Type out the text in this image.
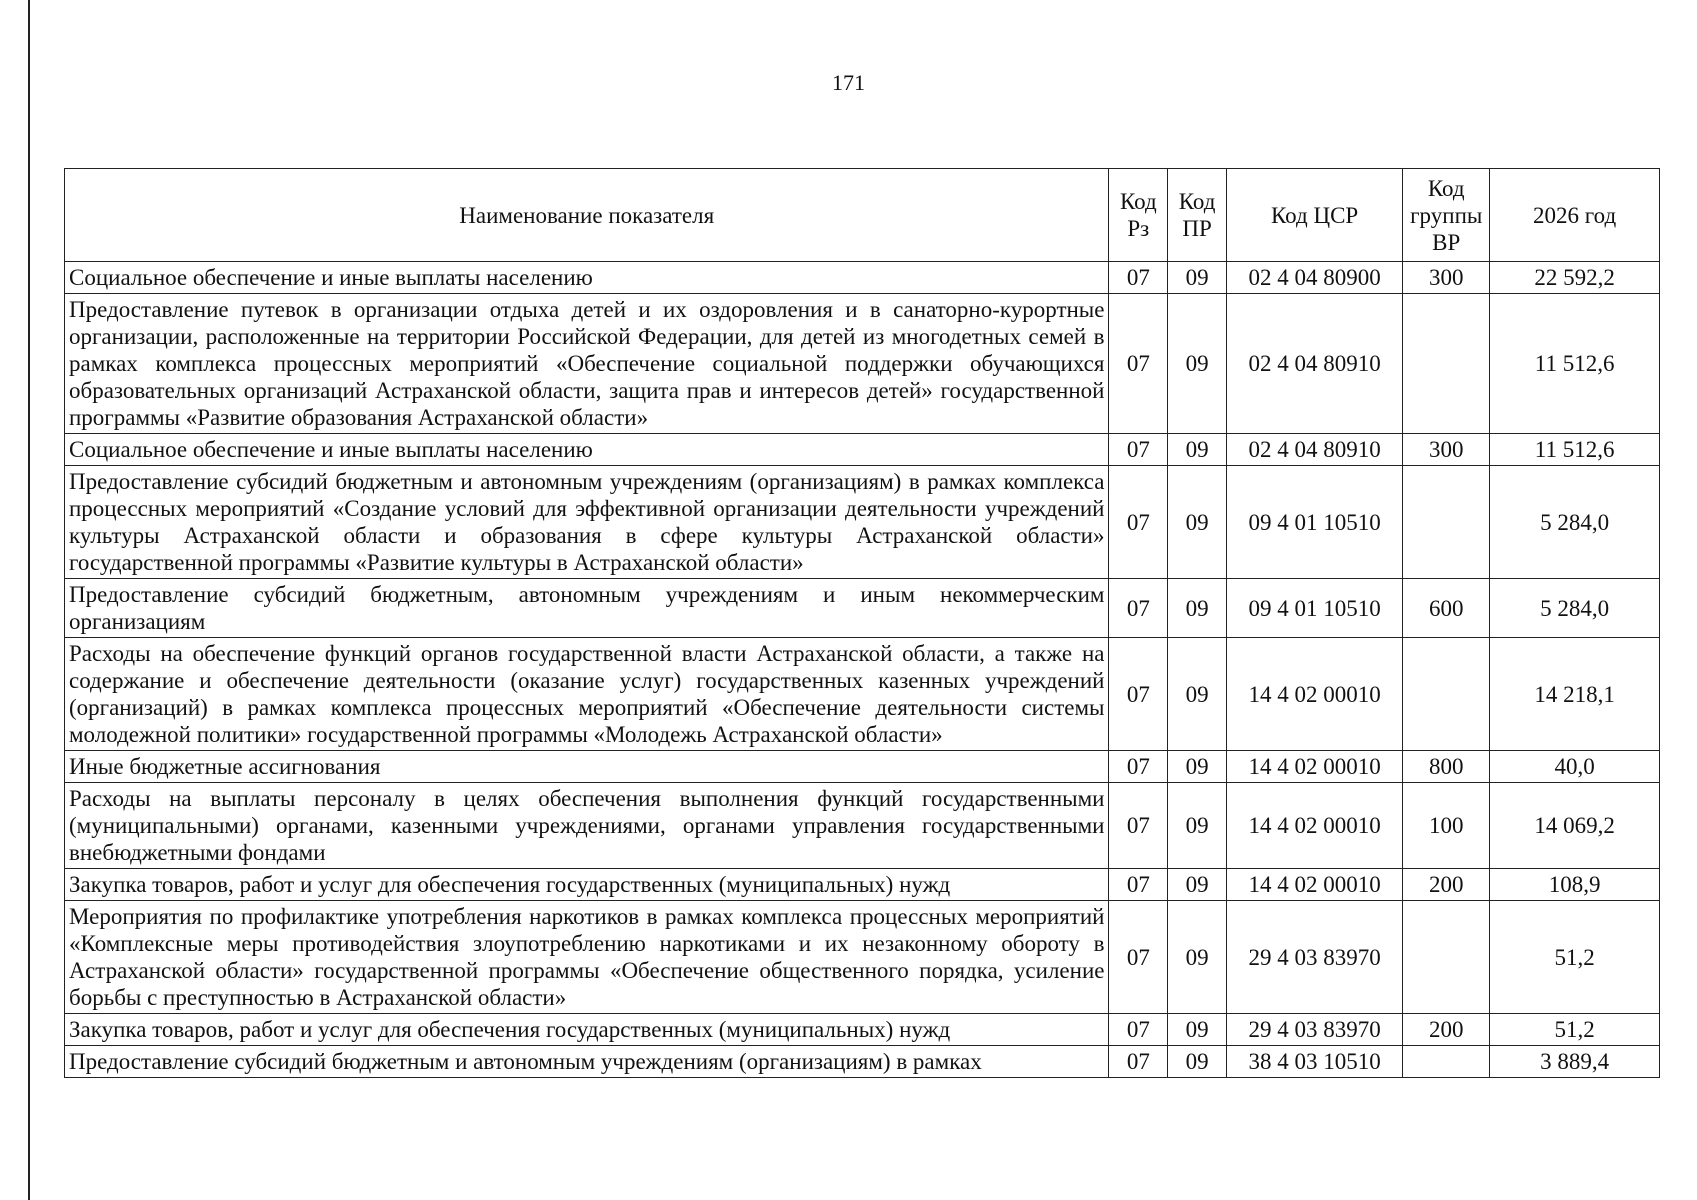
171
Наименование показателя	Код Рз	Код ПР	Код ЦСР	Код группы ВР	2026 год
Социальное обеспечение и иные выплаты населению	07	09	02 4 04 80900	300	22 592,2
Предоставление путевок в организации отдыха детей и их оздоровления и в санаторно-курортные организации, расположенные на территории Российской Федерации, для детей из многодетных семей в рамках комплекса процессных мероприятий «Обеспечение социальной поддержки обучающихся образовательных организаций Астраханской области, защита прав и интересов детей» государственной программы «Развитие образования Астраханской области»	07	09	02 4 04 80910		11 512,6
Социальное обеспечение и иные выплаты населению	07	09	02 4 04 80910	300	11 512,6
Предоставление субсидий бюджетным и автономным учреждениям (организациям) в рамках комплекса процессных мероприятий «Создание условий для эффективной организации деятельности учреждений культуры Астраханской области и образования в сфере культуры Астраханской области» государственной программы «Развитие культуры в Астраханской области»	07	09	09 4 01 10510		5 284,0
Предоставление субсидий бюджетным, автономным учреждениям и иным некоммерческим организациям	07	09	09 4 01 10510	600	5 284,0
Расходы на обеспечение функций органов государственной власти Астраханской области, а также на содержание и обеспечение деятельности (оказание услуг) государственных казенных учреждений (организаций) в рамках комплекса процессных мероприятий «Обеспечение деятельности системы молодежной политики» государственной программы «Молодежь Астраханской области»	07	09	14 4 02 00010		14 218,1
Иные бюджетные ассигнования	07	09	14 4 02 00010	800	40,0
Расходы на выплаты персоналу в целях обеспечения выполнения функций государственными (муниципальными) органами, казенными учреждениями, органами управления государственными внебюджетными фондами	07	09	14 4 02 00010	100	14 069,2
Закупка товаров, работ и услуг для обеспечения государственных (муниципальных) нужд	07	09	14 4 02 00010	200	108,9
Мероприятия по профилактике употребления наркотиков в рамках комплекса процессных мероприятий «Комплексные меры противодействия злоупотреблению наркотиками и их незаконному обороту в Астраханской области» государственной программы «Обеспечение общественного порядка, усиление борьбы с преступностью в Астраханской области»	07	09	29 4 03 83970		51,2
Закупка товаров, работ и услуг для обеспечения государственных (муниципальных) нужд	07	09	29 4 03 83970	200	51,2
Предоставление субсидий бюджетным и автономным учреждениям (организациям) в рамках	07	09	38 4 03 10510		3 889,4
